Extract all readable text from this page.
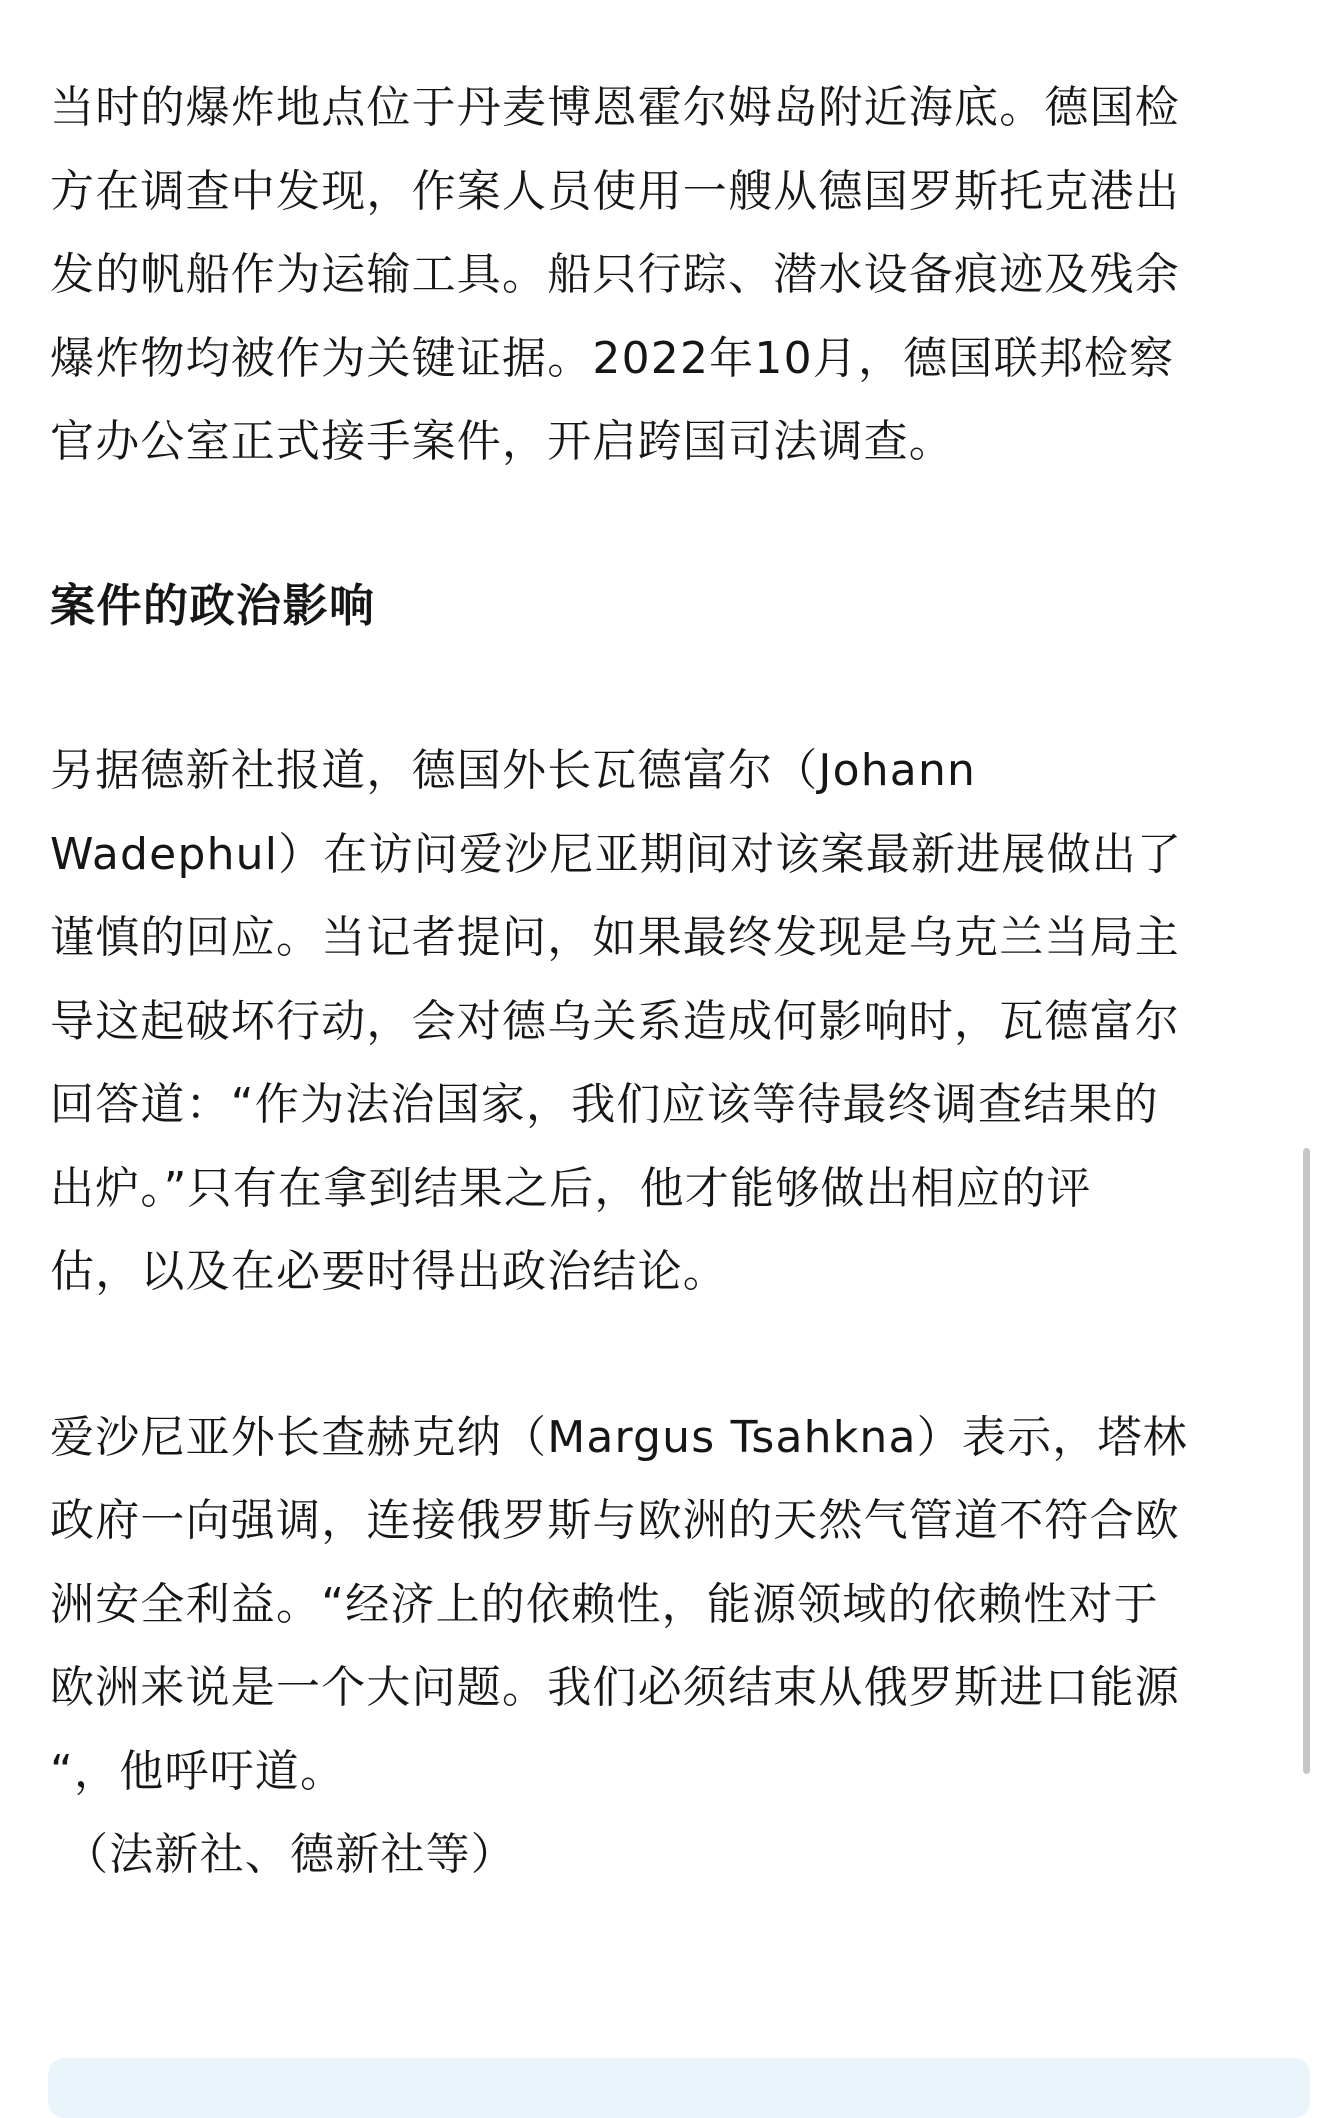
当时的爆炸地点位于丹麦博恩霍尔姆岛附近海底。德国检
方在调查中发现，作案人员使用一艘从德国罗斯托克港出
发的帆船作为运输工具。船只行踪、潜水设备痕迹及残余
爆炸物均被作为关键证据。2022年10月，德国联邦检察
官办公室正式接手案件，开启跨国司法调查。

案件的政治影响

另据德新社报道，德国外长瓦德富尔（Johann
Wadephul）在访问爱沙尼亚期间对该案最新进展做出了
谨慎的回应。当记者提问，如果最终发现是乌克兰当局主
导这起破坏行动，会对德乌关系造成何影响时，瓦德富尔
回答道：“作为法治国家，我们应该等待最终调查结果的
出炉。”只有在拿到结果之后，他才能够做出相应的评
估，以及在必要时得出政治结论。

爱沙尼亚外长查赫克纳（Margus Tsahkna）表示，塔林
政府一向强调，连接俄罗斯与欧洲的天然气管道不符合欧
洲安全利益。“经济上的依赖性，能源领域的依赖性对于
欧洲来说是一个大问题。我们必须结束从俄罗斯进口能源
“，他呼吁道。

（法新社、德新社等）
